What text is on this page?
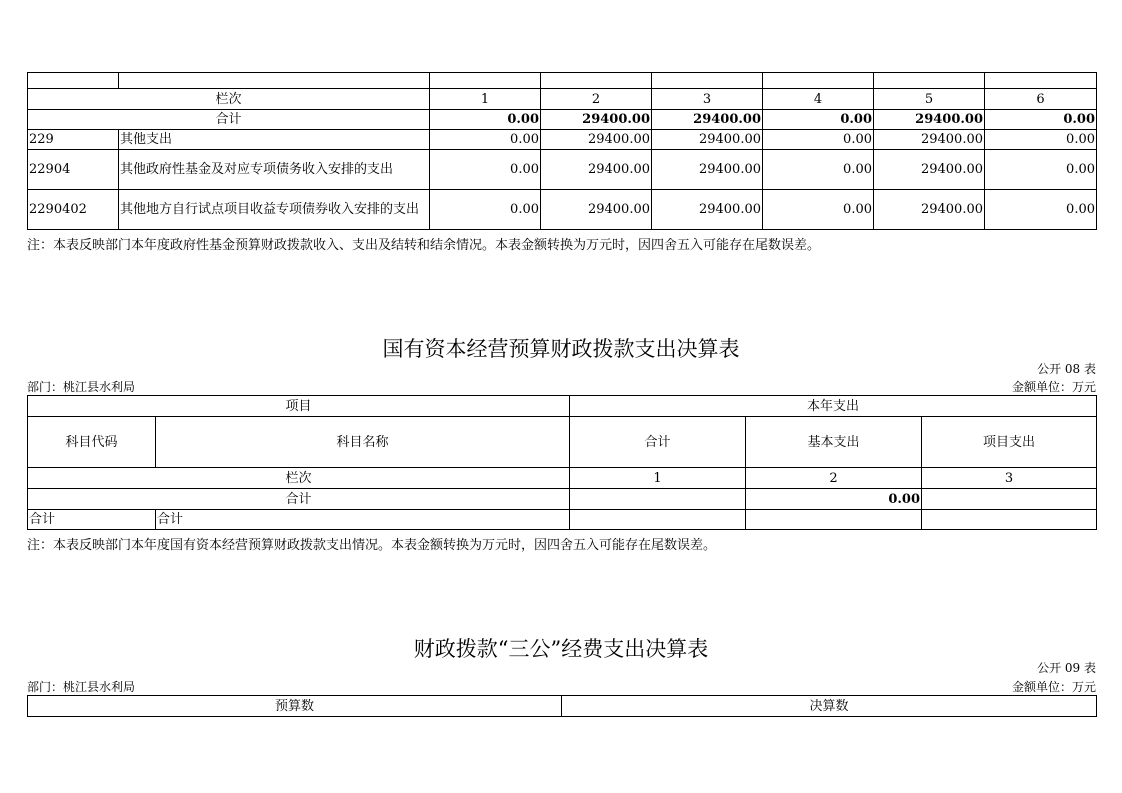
栏次		1	2	3	4	5	6
合计		0.00	29400.00	29400.00	0.00	29400.00	0.00
229	其他支出	0.00	29400.00	29400.00	0.00	29400.00	0.00
22904	其他政府性基金及对应专项债务收入安排的支出	0.00	29400.00	29400.00	0.00	29400.00	0.00
2290402	其他地方自行试点项目收益专项债券收入安排的支出	0.00	29400.00	29400.00	0.00	29400.00	0.00
注：本表反映部门本年度政府性基金预算财政拨款收入、支出及结转和结余情况。本表金额转换为万元时，因四舍五入可能存在尾数误差。
国有资本经营预算财政拨款支出决算表
公开 08 表
部门：桃江县水利局	金额单位：万元
项目		本年支出		
科目代码	科目名称	合计	基本支出	项目支出
栏次		1	2	3
合计			0.00	
合计	合计			
注：本表反映部门本年度国有资本经营预算财政拨款支出情况。本表金额转换为万元时，因四舍五入可能存在尾数误差。
财政拨款“三公”经费支出决算表
公开 09 表
部门：桃江县水利局	金额单位：万元
预算数	决算数
